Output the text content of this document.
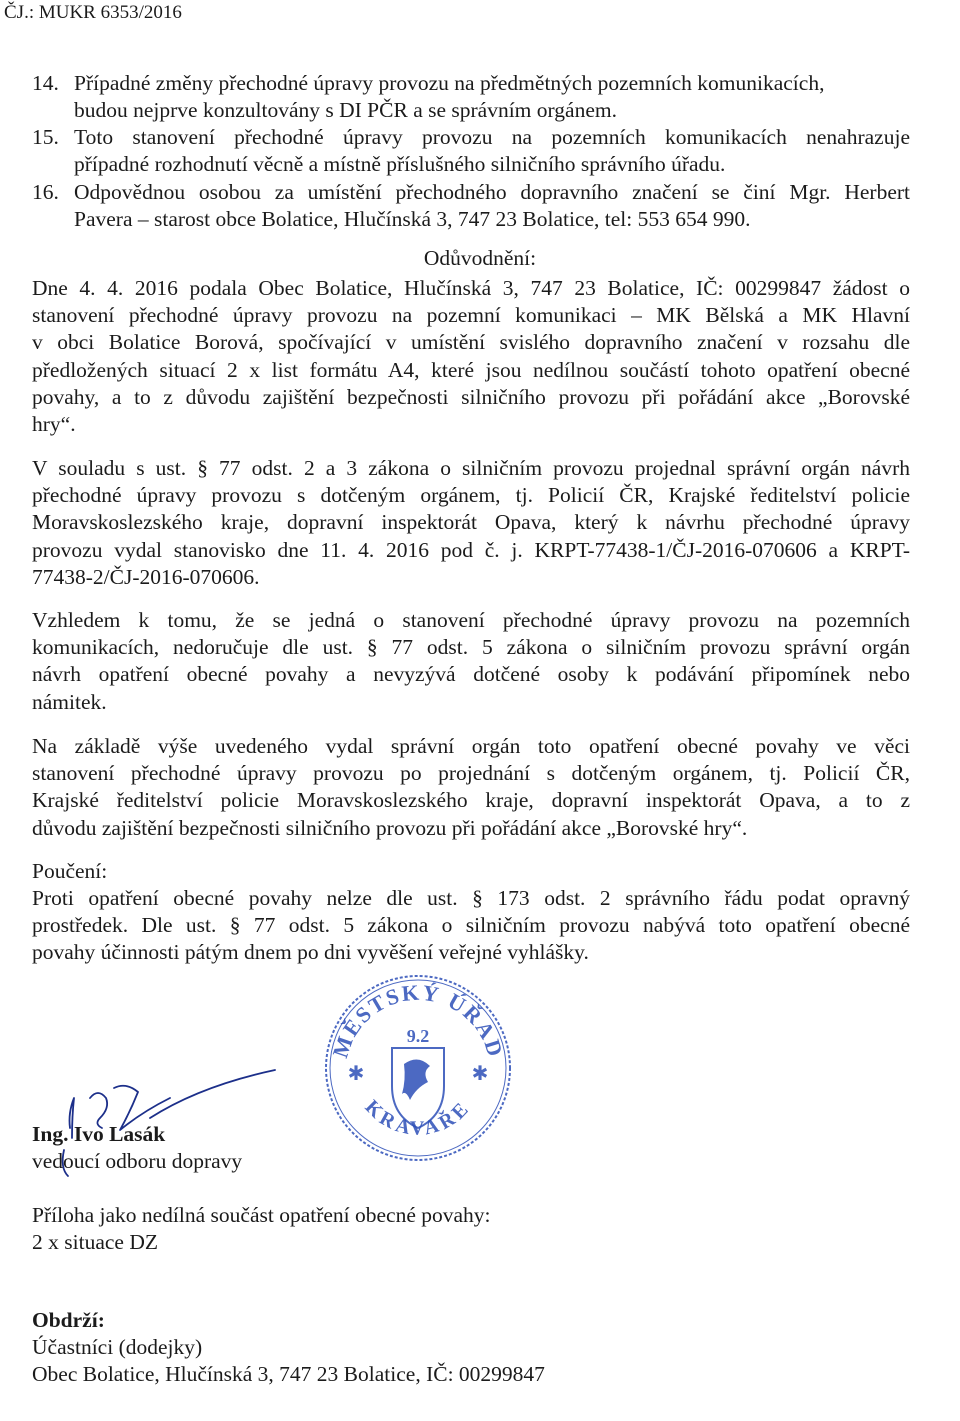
ČJ.: MUKR 6353/2016
14. Případné změny přechodné úpravy provozu na předmětných pozemních komunikacích,
budou nejprve konzultovány s DI PČR a se správním orgánem.
15. Toto stanovení přechodné úpravy provozu na pozemních komunikacích nenahrazuje
případné rozhodnutí věcně a místně příslušného silničního správního úřadu.
16. Odpovědnou osobou za umístění přechodného dopravního značení se činí Mgr. Herbert
Pavera – starost obce Bolatice, Hlučínská 3, 747 23 Bolatice, tel: 553 654 990.
Odůvodnění:
Dne 4. 4. 2016 podala Obec Bolatice, Hlučínská 3, 747 23 Bolatice, IČ: 00299847 žádost o
stanovení přechodné úpravy provozu na pozemní komunikaci – MK Bělská a MK Hlavní
v obci Bolatice Borová, spočívající v umístění svislého dopravního značení v rozsahu dle
předložených situací 2 x list formátu A4, které jsou nedílnou součástí tohoto opatření obecné
povahy, a to z důvodu zajištění bezpečnosti silničního provozu při pořádání akce „Borovské
hry“.
V souladu s ust. § 77 odst. 2 a 3 zákona o silničním provozu projednal správní orgán návrh
přechodné úpravy provozu s dotčeným orgánem, tj. Policií ČR, Krajské ředitelství policie
Moravskoslezského kraje, dopravní inspektorát Opava, který k návrhu přechodné úpravy
provozu vydal stanovisko dne 11. 4. 2016 pod č. j. KRPT-77438-1/ČJ-2016-070606 a KRPT-
77438-2/ČJ-2016-070606.
Vzhledem k tomu, že se jedná o stanovení přechodné úpravy provozu na pozemních
komunikacích, nedoručuje dle ust. § 77 odst. 5 zákona o silničním provozu správní orgán
návrh opatření obecné povahy a nevyzývá dotčené osoby k podávání připomínek nebo
námitek.
Na základě výše uvedeného vydal správní orgán toto opatření obecné povahy ve věci
stanovení přechodné úpravy provozu po projednání s dotčeným orgánem, tj. Policií ČR,
Krajské ředitelství policie Moravskoslezského kraje, dopravní inspektorát Opava, a to z
důvodu zajištění bezpečnosti silničního provozu při pořádání akce „Borovské hry“.
Poučení:
Proti opatření obecné povahy nelze dle ust. § 173 odst. 2 správního řádu podat opravný
prostředek. Dle ust. § 77 odst. 5 zákona o silničním provozu nabývá toto opatření obecné
povahy účinnosti pátým dnem po dni vyvěšení veřejné vyhlášky.
MĚSTSKÝ ÚŘAD
KRAVAŘE
9.2
✱	✱
Ing. Ivo Lasák
vedoucí odboru dopravy
Příloha jako nedílná součást opatření obecné povahy:
2 x situace DZ
Obdrží:
Účastníci (dodejky)
Obec Bolatice, Hlučínská 3, 747 23 Bolatice, IČ: 00299847
